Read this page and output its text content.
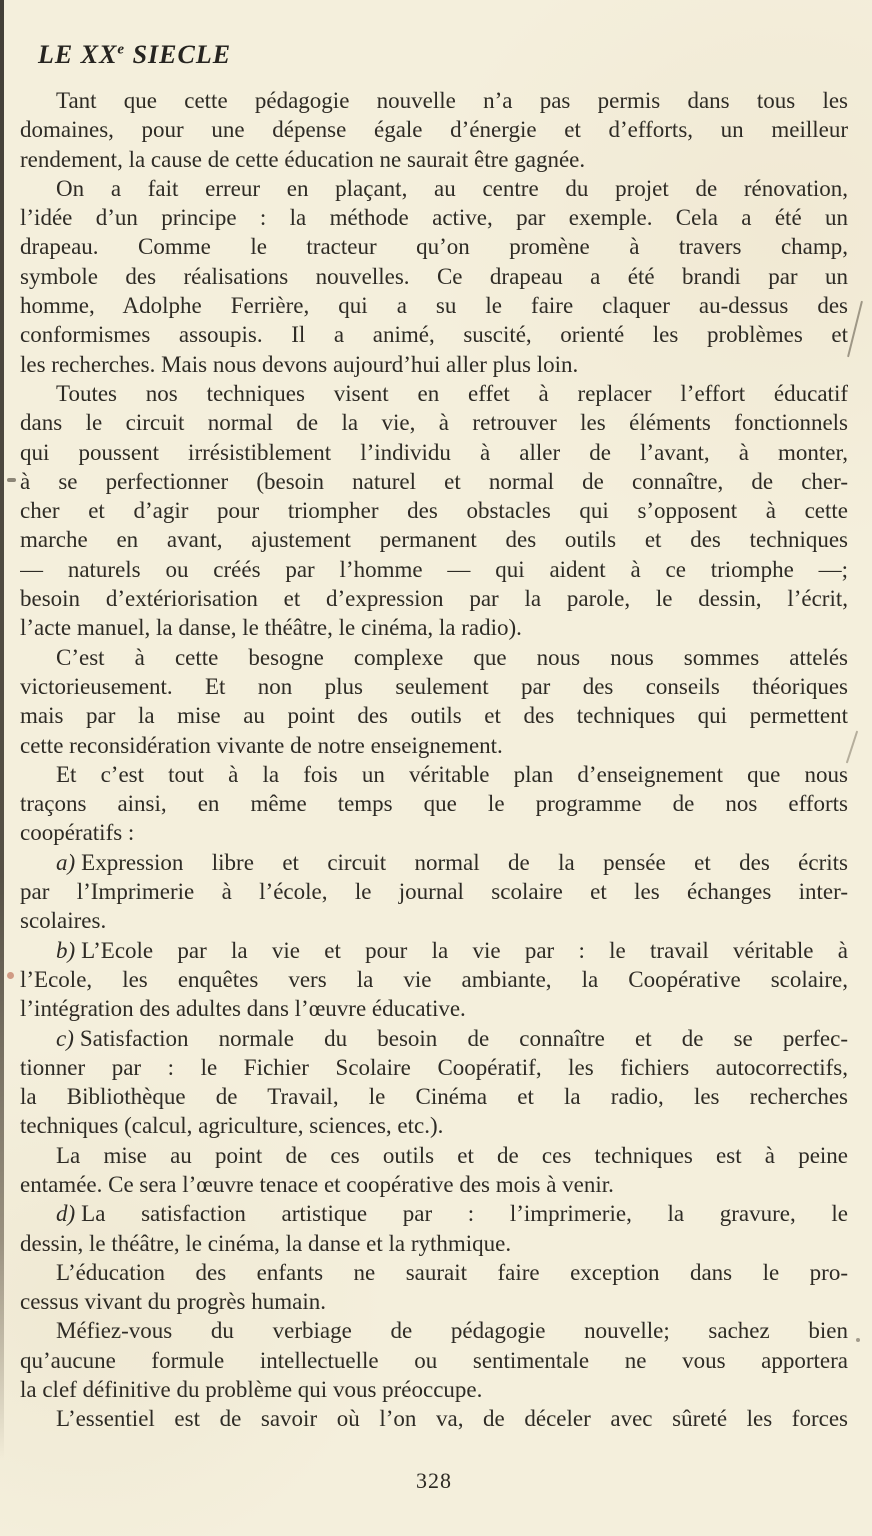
LE XXe SIECLE
Tant que cette pédagogie nouvelle n’a pas permis dans tous les
domaines, pour une dépense égale d’énergie et d’efforts, un meilleur
rendement, la cause de cette éducation ne saurait être gagnée.
On a fait erreur en plaçant, au centre du projet de rénovation,
l’idée d’un principe : la méthode active, par exemple. Cela a été un
drapeau. Comme le tracteur qu’on promène à travers champ,
symbole des réalisations nouvelles. Ce drapeau a été brandi par un
homme, Adolphe Ferrière, qui a su le faire claquer au-dessus des
conformismes assoupis. Il a animé, suscité, orienté les problèmes et
les recherches. Mais nous devons aujourd’hui aller plus loin.
Toutes nos techniques visent en effet à replacer l’effort éducatif
dans le circuit normal de la vie, à retrouver les éléments fonctionnels
qui poussent irrésistiblement l’individu à aller de l’avant, à monter,
à se perfectionner (besoin naturel et normal de connaître, de cher-
cher et d’agir pour triompher des obstacles qui s’opposent à cette
marche en avant, ajustement permanent des outils et des techniques
— naturels ou créés par l’homme — qui aident à ce triomphe —;
besoin d’extériorisation et d’expression par la parole, le dessin, l’écrit,
l’acte manuel, la danse, le théâtre, le cinéma, la radio).
C’est à cette besogne complexe que nous nous sommes attelés
victorieusement. Et non plus seulement par des conseils théoriques
mais par la mise au point des outils et des techniques qui permettent
cette reconsidération vivante de notre enseignement.
Et c’est tout à la fois un véritable plan d’enseignement que nous
traçons ainsi, en même temps que le programme de nos efforts
coopératifs :
a) Expression libre et circuit normal de la pensée et des écrits
par l’Imprimerie à l’école, le journal scolaire et les échanges inter-
scolaires.
b) L’Ecole par la vie et pour la vie par : le travail véritable à
l’Ecole, les enquêtes vers la vie ambiante, la Coopérative scolaire,
l’intégration des adultes dans l’œuvre éducative.
c) Satisfaction normale du besoin de connaître et de se perfec-
tionner par : le Fichier Scolaire Coopératif, les fichiers autocorrectifs,
la Bibliothèque de Travail, le Cinéma et la radio, les recherches
techniques (calcul, agriculture, sciences, etc.).
La mise au point de ces outils et de ces techniques est à peine
entamée. Ce sera l’œuvre tenace et coopérative des mois à venir.
d) La satisfaction artistique par : l’imprimerie, la gravure, le
dessin, le théâtre, le cinéma, la danse et la rythmique.
L’éducation des enfants ne saurait faire exception dans le pro-
cessus vivant du progrès humain.
Méfiez-vous du verbiage de pédagogie nouvelle; sachez bien
qu’aucune formule intellectuelle ou sentimentale ne vous apportera
la clef définitive du problème qui vous préoccupe.
L’essentiel est de savoir où l’on va, de déceler avec sûreté les forces
328
